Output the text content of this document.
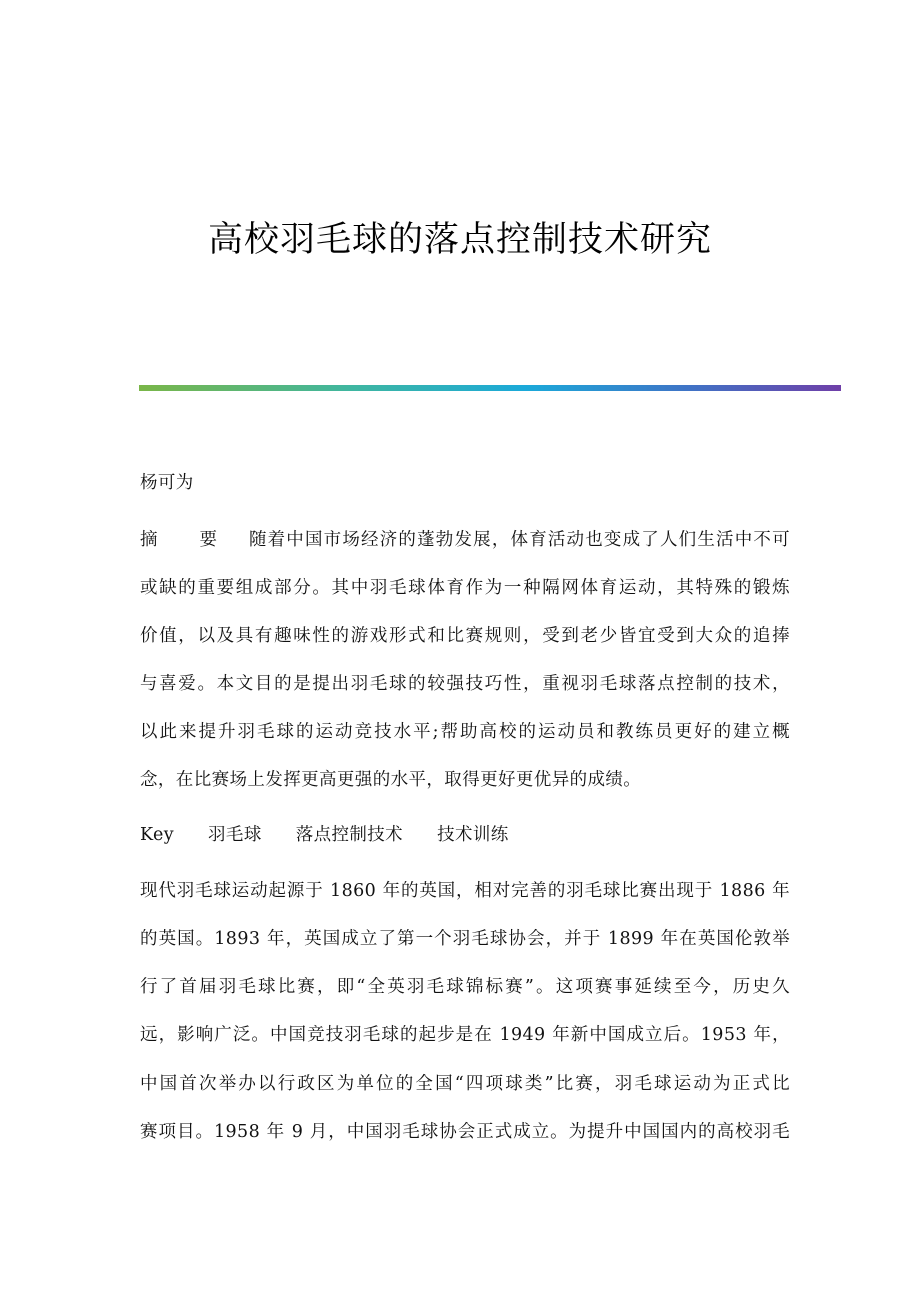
高校羽毛球的落点控制技术研究
杨可为
摘 要 随着中国市场经济的蓬勃发展，体育活动也变成了人们生活中不可
或缺的重要组成部分。其中羽毛球体育作为一种隔网体育运动，其特殊的锻炼
价值，以及具有趣味性的游戏形式和比赛规则，受到老少皆宜受到大众的追捧
与喜爱。本文目的是提出羽毛球的较强技巧性，重视羽毛球落点控制的技术，
以此来提升羽毛球的运动竞技水平;帮助高校的运动员和教练员更好的建立概
念，在比赛场上发挥更高更强的水平，取得更好更优异的成绩。
Key 羽毛球 落点控制技术 技术训练
现代羽毛球运动起源于 1860 年的英国，相对完善的羽毛球比赛出现于 1886 年
的英国。1893 年，英国成立了第一个羽毛球协会，并于 1899 年在英国伦敦举
行了首届羽毛球比赛，即“全英羽毛球锦标赛”。这项赛事延续至今，历史久
远，影响广泛。中国竞技羽毛球的起步是在 1949 年新中国成立后。1953 年，
中国首次举办以行政区为单位的全国“四项球类”比赛，羽毛球运动为正式比
赛项目。1958 年 9 月，中国羽毛球协会正式成立。为提升中国国内的高校羽毛
